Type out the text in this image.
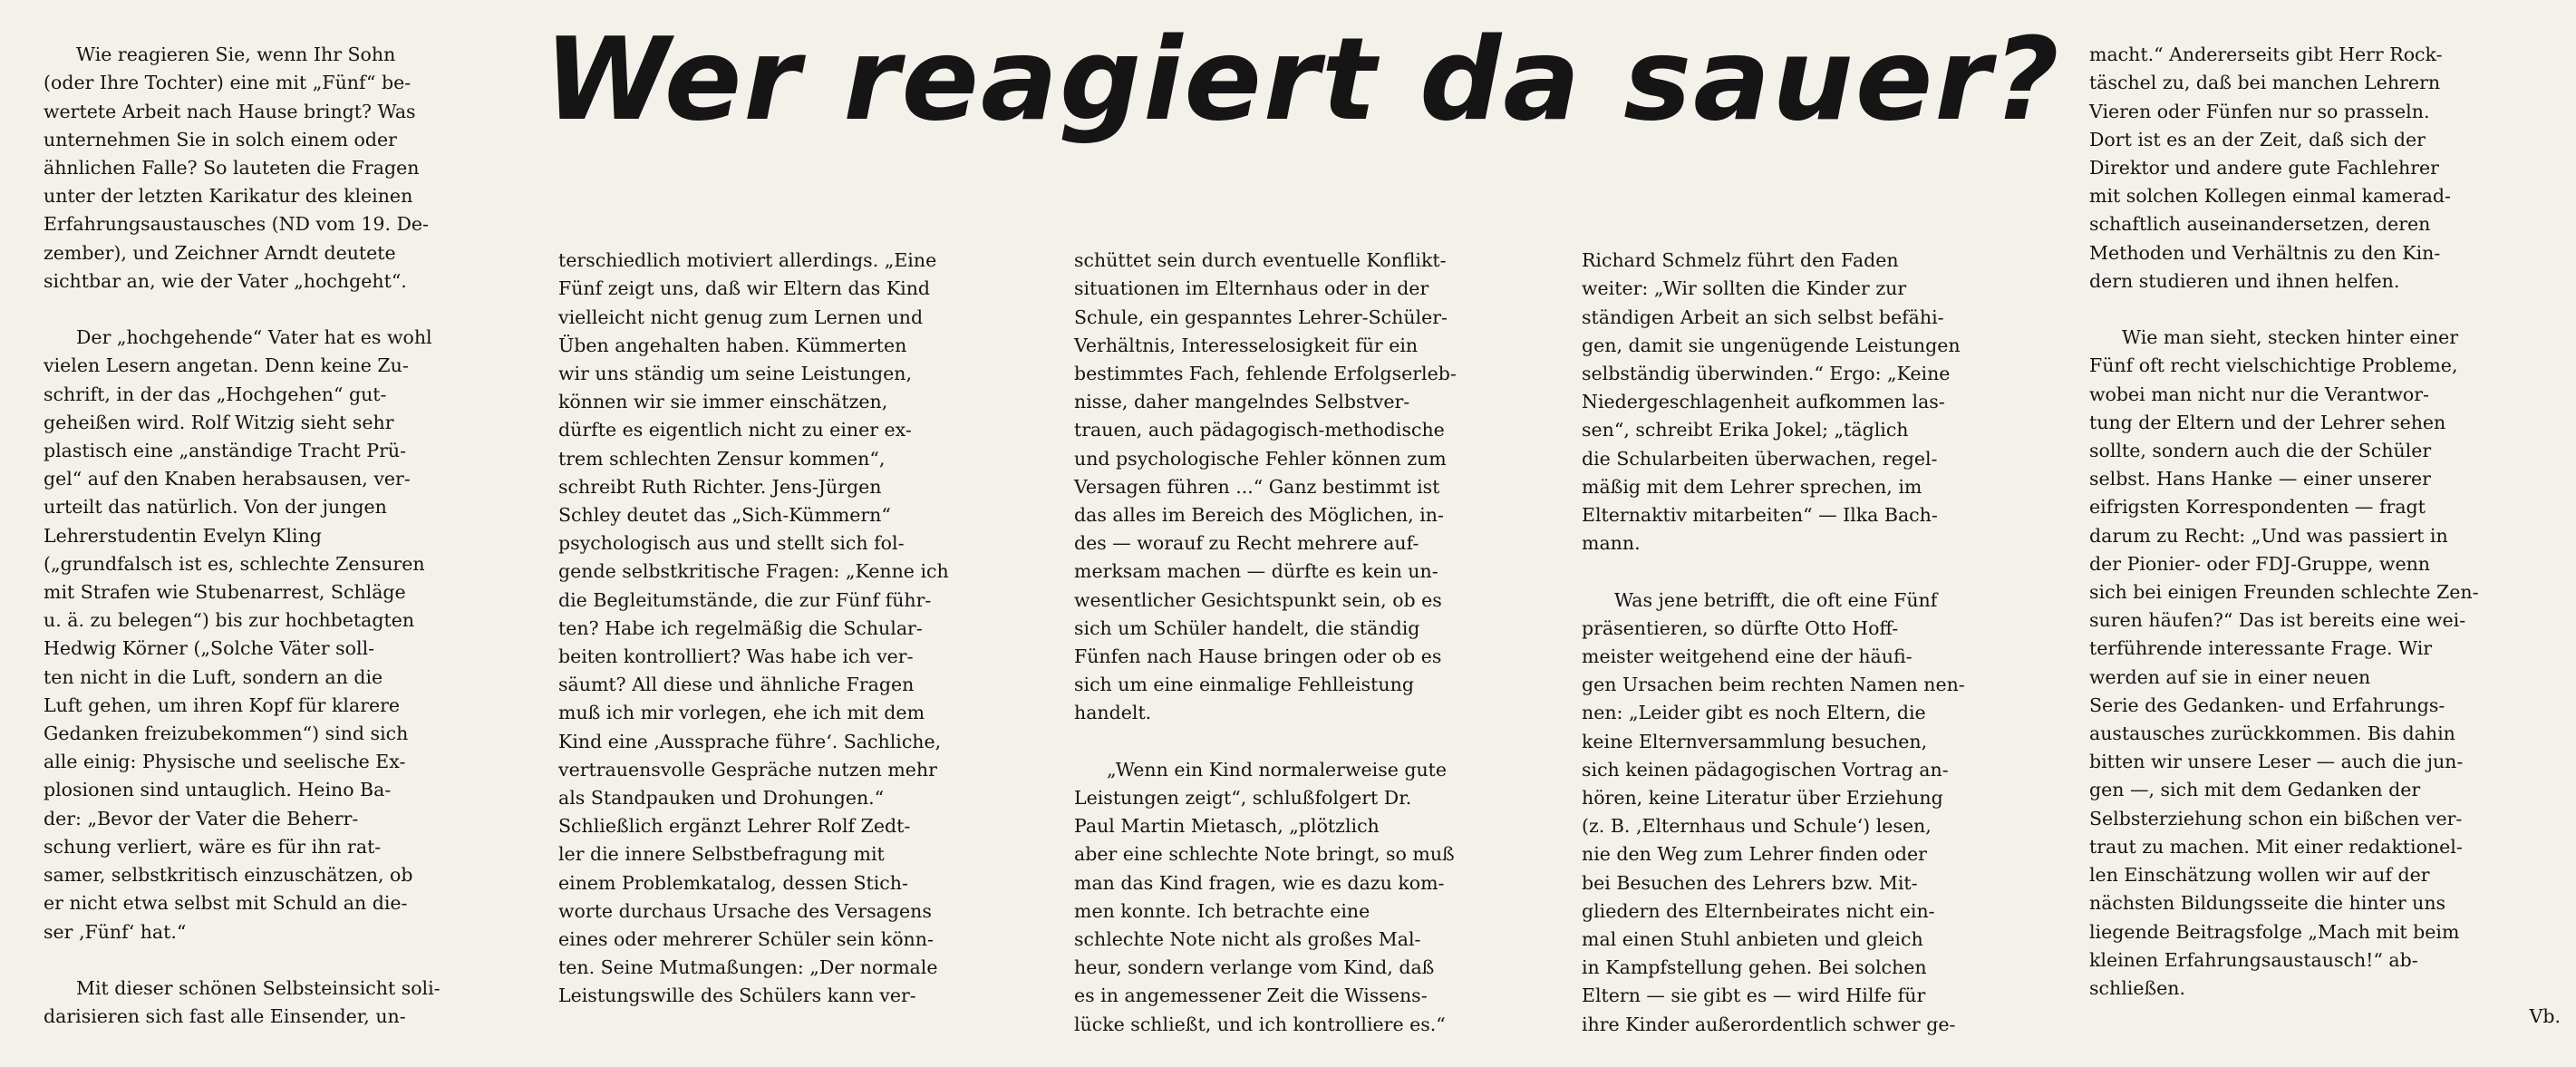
Wer reagiert da sauer?

Wie reagieren Sie, wenn Ihr Sohn
(oder Ihre Tochter) eine mit „Fünf“ be-
wertete Arbeit nach Hause bringt? Was
unternehmen Sie in solch einem oder
ähnlichen Falle? So lauteten die Fragen
unter der letzten Karikatur des kleinen
Erfahrungsaustausches (ND vom 19. De-
zember), und Zeichner Arndt deutete
sichtbar an, wie der Vater „hochgeht“.

Der „hochgehende“ Vater hat es wohl
vielen Lesern angetan. Denn keine Zu-
schrift, in der das „Hochgehen“ gut-
geheißen wird. Rolf Witzig sieht sehr
plastisch eine „anständige Tracht Prü-
gel“ auf den Knaben herabsausen, ver-
urteilt das natürlich. Von der jungen
Lehrerstudentin Evelyn Kling
(„grundfalsch ist es, schlechte Zensuren
mit Strafen wie Stubenarrest, Schläge
u. ä. zu belegen“) bis zur hochbetagten
Hedwig Körner („Solche Väter soll-
ten nicht in die Luft, sondern an die
Luft gehen, um ihren Kopf für klarere
Gedanken freizubekommen“) sind sich
alle einig: Physische und seelische Ex-
plosionen sind untauglich. Heino Ba-
der: „Bevor der Vater die Beherr-
schung verliert, wäre es für ihn rat-
samer, selbstkritisch einzuschätzen, ob
er nicht etwa selbst mit Schuld an die-
ser ‚Fünf‘ hat.“

Mit dieser schönen Selbsteinsicht soli-
darisieren sich fast alle Einsender, un-

terschiedlich motiviert allerdings. „Eine
Fünf zeigt uns, daß wir Eltern das Kind
vielleicht nicht genug zum Lernen und
Üben angehalten haben. Kümmerten
wir uns ständig um seine Leistungen,
können wir sie immer einschätzen,
dürfte es eigentlich nicht zu einer ex-
trem schlechten Zensur kommen“,
schreibt Ruth Richter. Jens-Jürgen
Schley deutet das „Sich-Kümmern“
psychologisch aus und stellt sich fol-
gende selbstkritische Fragen: „Kenne ich
die Begleitumstände, die zur Fünf führ-
ten? Habe ich regelmäßig die Schular-
beiten kontrolliert? Was habe ich ver-
säumt? All diese und ähnliche Fragen
muß ich mir vorlegen, ehe ich mit dem
Kind eine ‚Aussprache führe‘. Sachliche,
vertrauensvolle Gespräche nutzen mehr
als Standpauken und Drohungen.“
Schließlich ergänzt Lehrer Rolf Zedt-
ler die innere Selbstbefragung mit
einem Problemkatalog, dessen Stich-
worte durchaus Ursache des Versagens
eines oder mehrerer Schüler sein könn-
ten. Seine Mutmaßungen: „Der normale
Leistungswille des Schülers kann ver-

schüttet sein durch eventuelle Konflikt-
situationen im Elternhaus oder in der
Schule, ein gespanntes Lehrer-Schüler-
Verhältnis, Interesselosigkeit für ein
bestimmtes Fach, fehlende Erfolgserleb-
nisse, daher mangelndes Selbstver-
trauen, auch pädagogisch-methodische
und psychologische Fehler können zum
Versagen führen ...“ Ganz bestimmt ist
das alles im Bereich des Möglichen, in-
des — worauf zu Recht mehrere auf-
merksam machen — dürfte es kein un-
wesentlicher Gesichtspunkt sein, ob es
sich um Schüler handelt, die ständig
Fünfen nach Hause bringen oder ob es
sich um eine einmalige Fehlleistung
handelt.

„Wenn ein Kind normalerweise gute
Leistungen zeigt“, schlußfolgert Dr.
Paul Martin Mietasch, „plötzlich
aber eine schlechte Note bringt, so muß
man das Kind fragen, wie es dazu kom-
men konnte. Ich betrachte eine
schlechte Note nicht als großes Mal-
heur, sondern verlange vom Kind, daß
es in angemessener Zeit die Wissens-
lücke schließt, und ich kontrolliere es.“

Richard Schmelz führt den Faden
weiter: „Wir sollten die Kinder zur
ständigen Arbeit an sich selbst befähi-
gen, damit sie ungenügende Leistungen
selbständig überwinden.“ Ergo: „Keine
Niedergeschlagenheit aufkommen las-
sen“, schreibt Erika Jokel; „täglich
die Schularbeiten überwachen, regel-
mäßig mit dem Lehrer sprechen, im
Elternaktiv mitarbeiten“ — Ilka Bach-
mann.

Was jene betrifft, die oft eine Fünf
präsentieren, so dürfte Otto Hoff-
meister weitgehend eine der häufi-
gen Ursachen beim rechten Namen nen-
nen: „Leider gibt es noch Eltern, die
keine Elternversammlung besuchen,
sich keinen pädagogischen Vortrag an-
hören, keine Literatur über Erziehung
(z. B. ‚Elternhaus und Schule‘) lesen,
nie den Weg zum Lehrer finden oder
bei Besuchen des Lehrers bzw. Mit-
gliedern des Elternbeirates nicht ein-
mal einen Stuhl anbieten und gleich
in Kampfstellung gehen. Bei solchen
Eltern — sie gibt es — wird Hilfe für
ihre Kinder außerordentlich schwer ge-

macht.“ Andererseits gibt Herr Rock-
täschel zu, daß bei manchen Lehrern
Vieren oder Fünfen nur so prasseln.
Dort ist es an der Zeit, daß sich der
Direktor und andere gute Fachlehrer
mit solchen Kollegen einmal kamerad-
schaftlich auseinandersetzen, deren
Methoden und Verhältnis zu den Kin-
dern studieren und ihnen helfen.

Wie man sieht, stecken hinter einer
Fünf oft recht vielschichtige Probleme,
wobei man nicht nur die Verantwor-
tung der Eltern und der Lehrer sehen
sollte, sondern auch die der Schüler
selbst. Hans Hanke — einer unserer
eifrigsten Korrespondenten — fragt
darum zu Recht: „Und was passiert in
der Pionier- oder FDJ-Gruppe, wenn
sich bei einigen Freunden schlechte Zen-
suren häufen?“ Das ist bereits eine wei-
terführende interessante Frage. Wir
werden auf sie in einer neuen
Serie des Gedanken- und Erfahrungs-
austausches zurückkommen. Bis dahin
bitten wir unsere Leser — auch die jun-
gen —, sich mit dem Gedanken der
Selbsterziehung schon ein bißchen ver-
traut zu machen. Mit einer redaktionel-
len Einschätzung wollen wir auf der
nächsten Bildungsseite die hinter uns
liegende Beitragsfolge „Mach mit beim
kleinen Erfahrungsaustausch!“ ab-
schließen.

Vb.
